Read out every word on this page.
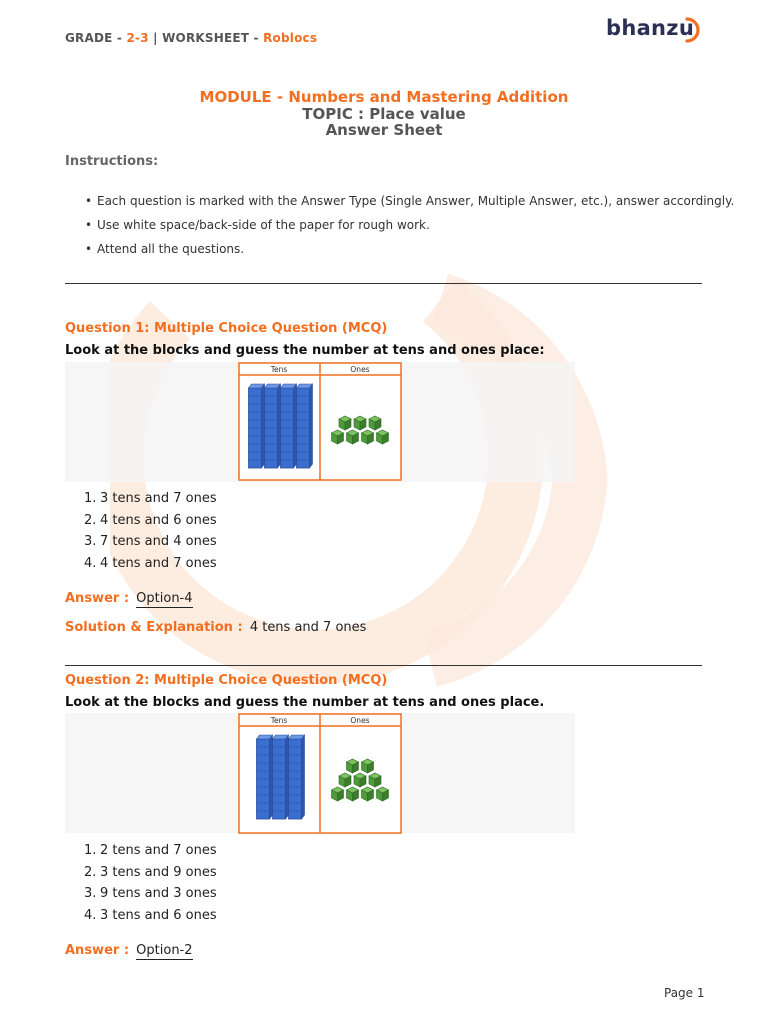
GRADE - 2-3 | WORKSHEET - Roblocs	bhanzu
MODULE - Numbers and Mastering Addition
TOPIC : Place value
Answer Sheet
Instructions:
• Each question is marked with the Answer Type (Single Answer, Multiple Answer, etc.), answer accordingly.
• Use white space/back-side of the paper for rough work.
• Attend all the questions.
Question 1: Multiple Choice Question (MCQ)
Look at the blocks and guess the number at tens and ones place:
Tens	Ones
1. 3 tens and 7 ones
2. 4 tens and 6 ones
3. 7 tens and 4 ones
4. 4 tens and 7 ones
Answer : Option-4
Solution & Explanation : 4 tens and 7 ones
Question 2: Multiple Choice Question (MCQ)
Look at the blocks and guess the number at tens and ones place.
Tens	Ones
1. 2 tens and 7 ones
2. 3 tens and 9 ones
3. 9 tens and 3 ones
4. 3 tens and 6 ones
Answer : Option-2
Page 1
